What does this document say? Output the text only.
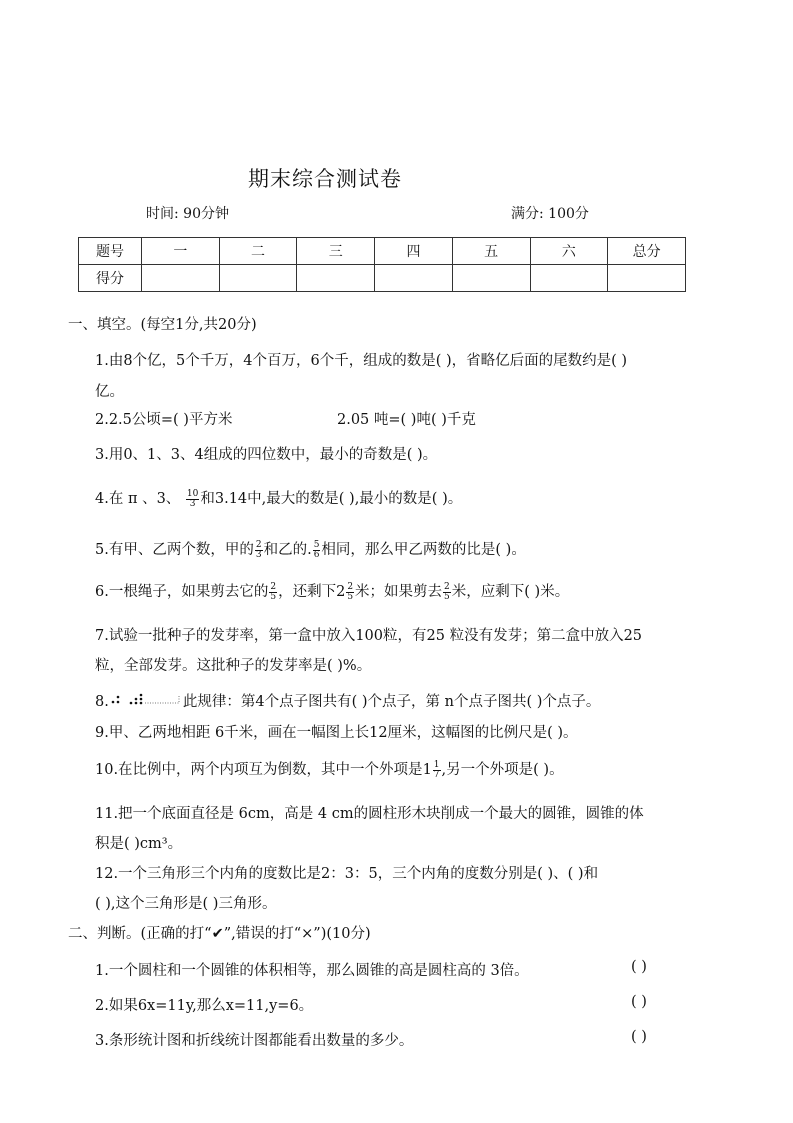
期末综合测试卷
时间: 90分钟	满分: 100分
题号	一	二	三	四	五	六	总分
得分							
一、填空。(每空1分,共20分)
1.由8个亿，5个千万，4个百万，6个千，组成的数是( )，省略亿后面的尾数约是( )
亿。
2.2.5公顷=( )平方米	2.05 吨=( )吨( )千克
3.用0、1、3、4组成的四位数中，最小的奇数是( )。
4.在 π 、3、 $\frac{10}{3}$ 和3.14中,最大的数是( ),最小的数是( )。
5.有甲、乙两个数，甲的 $\frac{2}{3}$ 和乙的. $\frac{5}{6}$ 相同，那么甲乙两数的比是( )。
6.一根绳子，如果剪去它的 $\frac{2}{5}$ ，还剩下$2 \frac{2}{5}$ 米；如果剪去 $\frac{2}{5}$ 米，应剩下( )米。
7.试验一批种子的发芽率，第一盒中放入100粒，有25 粒没有发芽；第二盒中放入25
粒，全部发芽。这批种子的发芽率是( )%。
8.	此规律：第4个点子图共有( )个点子，第 n个点子图共( )个点子。
9.甲、乙两地相距 6千米，画在一幅图上长12厘米，这幅图的比例尺是( )。
10.在比例中，两个内项互为倒数，其中一个外项是$1 \frac{1}{7}$ ,另一个外项是( )。
11.把一个底面直径是 6cm，高是 4 cm的圆柱形木块削成一个最大的圆锥，圆锥的体
积是( )cm³。
12.一个三角形三个内角的度数比是2：3：5，三个内角的度数分别是( )、( )和
( ),这个三角形是( )三角形。
二、判断。(正确的打“✔”,错误的打“×”)(10分)
1.一个圆柱和一个圆锥的体积相等，那么圆锥的高是圆柱高的 3倍。	( )
2.如果6x=11y,那么x=11,y=6。	( )
3.条形统计图和折线统计图都能看出数量的多少。	( )
